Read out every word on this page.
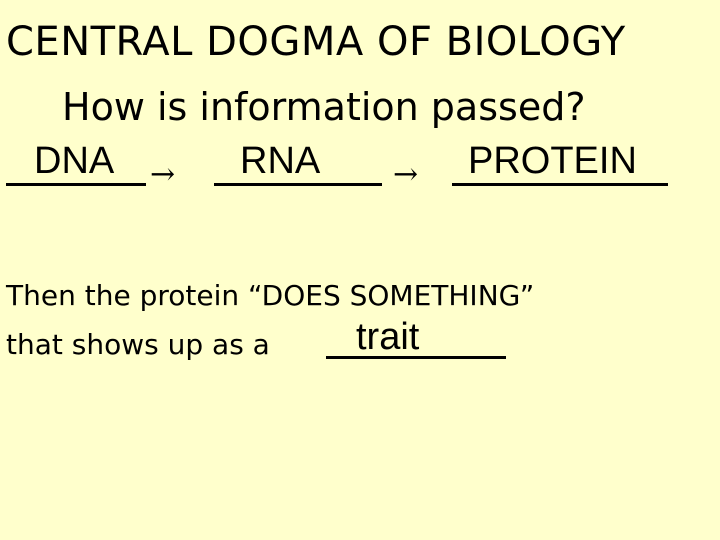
CENTRAL DOGMA OF BIOLOGY
How is information passed?
DNA → RNA → PROTEIN
Then the protein “DOES SOMETHING”
that shows up as a trait
